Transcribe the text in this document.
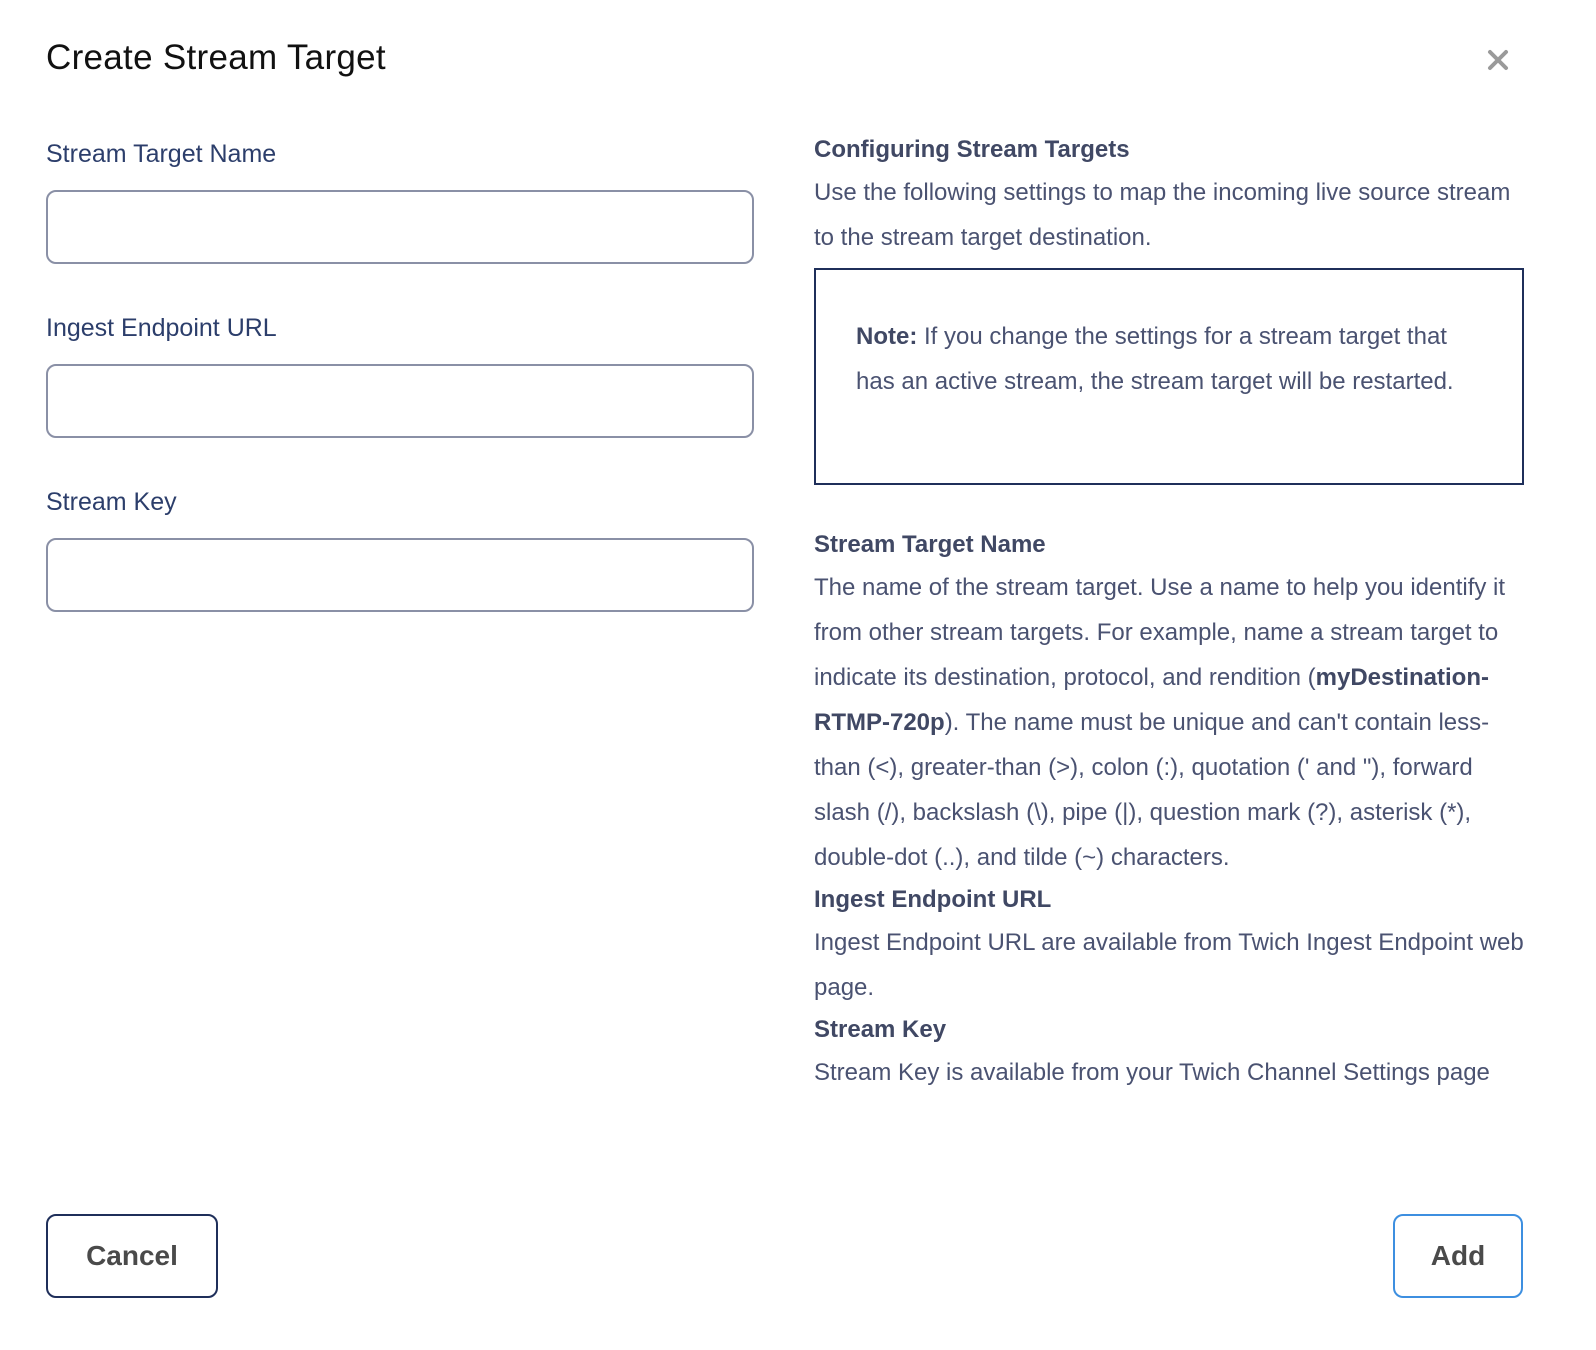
Create Stream Target
Stream Target Name
Ingest Endpoint URL
Stream Key
Configuring Stream Targets

Use the following settings to map the incoming live source stream to the stream target destination.

Note: If you change the settings for a stream target that has an active stream, the stream target will be restarted.
Stream Target Name

The name of the stream target. Use a name to help you identify it from other stream targets. For example, name a stream target to indicate its destination, protocol, and rendition (myDestination-RTMP-720p). The name must be unique and can't contain less-than (<), greater-than (>), colon (:), quotation (' and "), forward slash (/), backslash (\), pipe (|), question mark (?), asterisk (*), double-dot (..), and tilde (~) characters.

Ingest Endpoint URL

Ingest Endpoint URL are available from Twich Ingest Endpoint web page.

Stream Key

Stream Key is available from your Twich Channel Settings page

Cancel	Add
